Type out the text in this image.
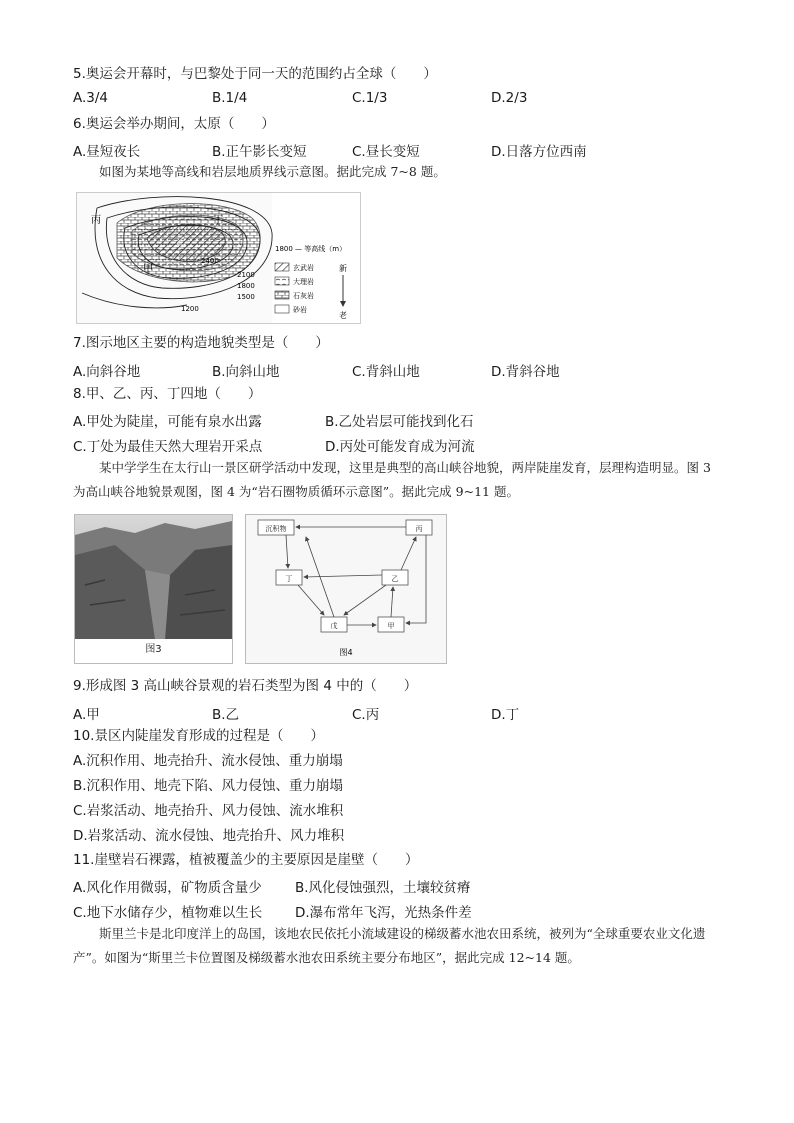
5.奥运会开幕时，与巴黎处于同一天的范围约占全球（　　）
A.3/4	B.1/4	C.1/3	D.2/3
6.奥运会举办期间，太原（　　）
A.昼短夜长	B.正午影长变短	C.昼长变短	D.日落方位西南

如图为某地等高线和岩层地质界线示意图。据此完成 7~8 题。

丙	丁
乙
甲
2400
2100
1800
1500
1200
1800 — 等高线（m）
玄武岩
大理岩
石灰岩
砂岩
新
老
7.图示地区主要的构造地貌类型是（　　）
A.向斜谷地	B.向斜山地	C.背斜山地	D.背斜谷地
8.甲、乙、丙、丁四地（　　）
A.甲处为陡崖，可能有泉水出露	B.乙处岩层可能找到化石
C.丁处为最佳天然大理岩开采点	D.丙处可能发育成为河流

某中学学生在太行山一景区研学活动中发现，这里是典型的高山峡谷地貌，两岸陡崖发育，层理构造明显。图 3 为高山峡谷地貌景观图，图 4 为“岩石圈物质循环示意图”。据此完成 9~11 题。

图3
沉积物	丙
丁	乙
戊	甲
图4
9.形成图 3 高山峡谷景观的岩石类型为图 4 中的（　　）
A.甲	B.乙	C.丙	D.丁
10.景区内陡崖发育形成的过程是（　　）
A.沉积作用、地壳抬升、流水侵蚀、重力崩塌
B.沉积作用、地壳下陷、风力侵蚀、重力崩塌
C.岩浆活动、地壳抬升、风力侵蚀、流水堆积
D.岩浆活动、流水侵蚀、地壳抬升、风力堆积
11.崖壁岩石裸露，植被覆盖少的主要原因是崖壁（　　）
A.风化作用微弱，矿物质含量少 B.风化侵蚀强烈，土壤较贫瘠
C.地下水储存少，植物难以生长 D.瀑布常年飞泻，光热条件差

斯里兰卡是北印度洋上的岛国，该地农民依托小流域建设的梯级蓄水池农田系统，被列为“全球重要农业文化遗产”。如图为“斯里兰卡位置图及梯级蓄水池农田系统主要分布地区”，据此完成 12~14 题。
